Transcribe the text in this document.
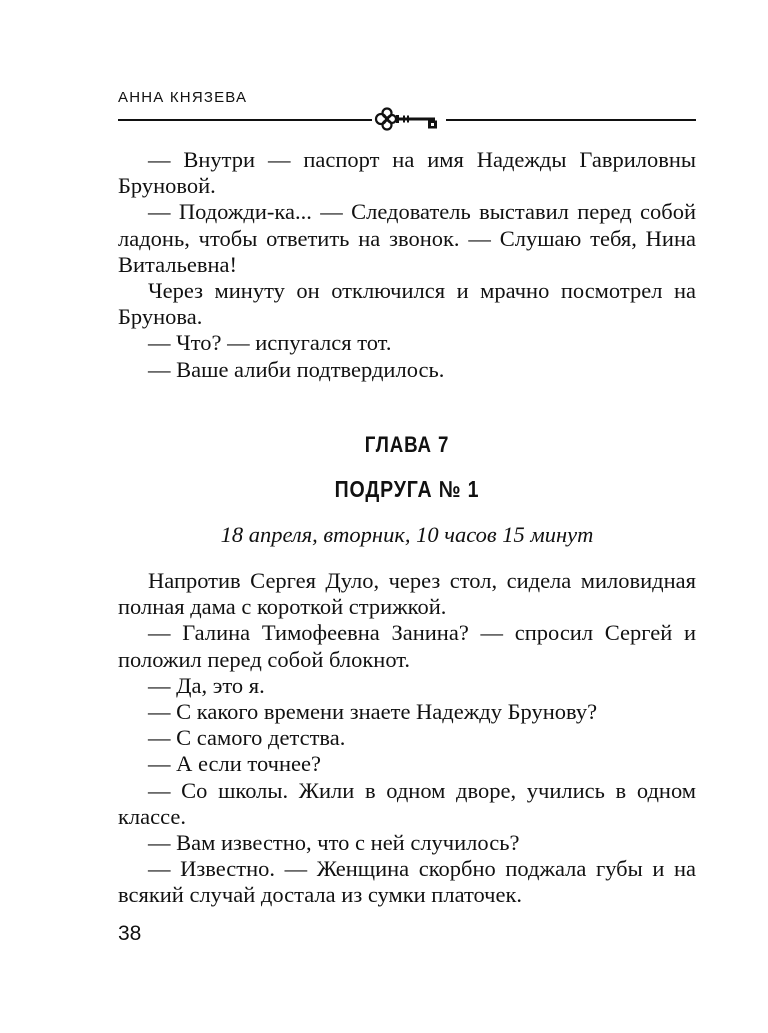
АННА КНЯЗЕВА

— Внутри — паспорт на имя Надежды Гавриловны Бруновой.

— Подожди-ка... — Следователь выставил перед собой ладонь, чтобы ответить на звонок. — Слушаю тебя, Нина Витальевна!

Через минуту он отключился и мрачно посмотрел на Брунова.

— Что? — испугался тот.

— Ваше алиби подтвердилось.

ГЛАВА 7
ПОДРУГА № 1
18 апреля, вторник, 10 часов 15 минут

Напротив Сергея Дуло, через стол, сидела миловидная полная дама с короткой стрижкой.

— Галина Тимофеевна Занина? — спросил Сергей и положил перед собой блокнот.

— Да, это я.

— С какого времени знаете Надежду Брунову?

— С самого детства.

— А если точнее?

— Со школы. Жили в одном дворе, учились в одном классе.

— Вам известно, что с ней случилось?

— Известно. — Женщина скорбно поджала губы и на всякий случай достала из сумки платочек.

38
